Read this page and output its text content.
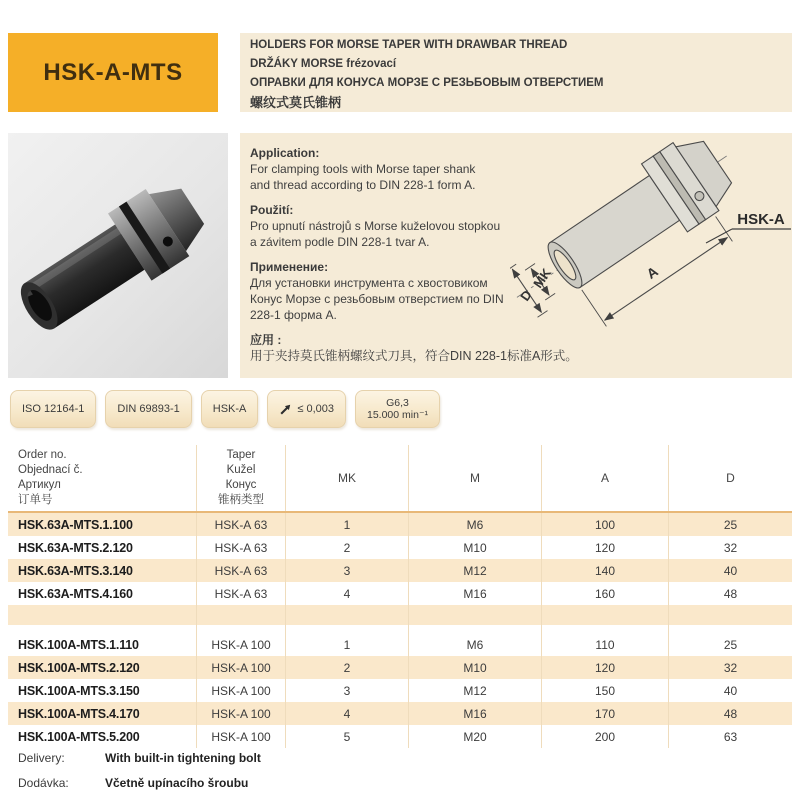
HSK-A-MTS
HOLDERS FOR MORSE TAPER WITH DRAWBAR THREAD
DRŽÁKY MORSE frézovací
ОПРАВКИ ДЛЯ КОНУСА МОРЗЕ С РЕЗЬБОВЫМ ОТВЕРСТИЕМ
螺纹式莫氏锥柄
Application:
For clamping tools with Morse taper shank
and thread according to DIN 228-1 form A.
Použití:
Pro upnutí nástrojů s Morse kuželovou stopkou
a závitem podle DIN 228-1 tvar A.
Применение:
Для установки инструмента с хвостовиком
Конус Морзе с резьбовым отверстием по DIN
228-1 форма А.
应用 :
用于夹持莫氏锥柄螺纹式刀具，符合DIN 228-1标准A形式。
A
D
MK
HSK-A
ISO 12164-1	DIN 69893-1	HSK-A	≤ 0,003
G6,3
15.000 min⁻¹
Order no.
Objednací č.
Артикул
订单号
Taper
Kužel
Конус
锥柄类型
MK	M	A	D
HSK.63A-MTS.1.100	HSK-A 63	1	M6	100	25
HSK.63A-MTS.2.120	HSK-A 63	2	M10	120	32
HSK.63A-MTS.3.140	HSK-A 63	3	M12	140	40
HSK.63A-MTS.4.160	HSK-A 63	4	M16	160	48
HSK.100A-MTS.1.110	HSK-A 100	1	M6	110	25
HSK.100A-MTS.2.120	HSK-A 100	2	M10	120	32
HSK.100A-MTS.3.150	HSK-A 100	3	M12	150	40
HSK.100A-MTS.4.170	HSK-A 100	4	M16	170	48
HSK.100A-MTS.5.200	HSK-A 100	5	M20	200	63
Delivery:	With built-in tightening bolt
Dodávka:	Včetně upínacího šroubu
